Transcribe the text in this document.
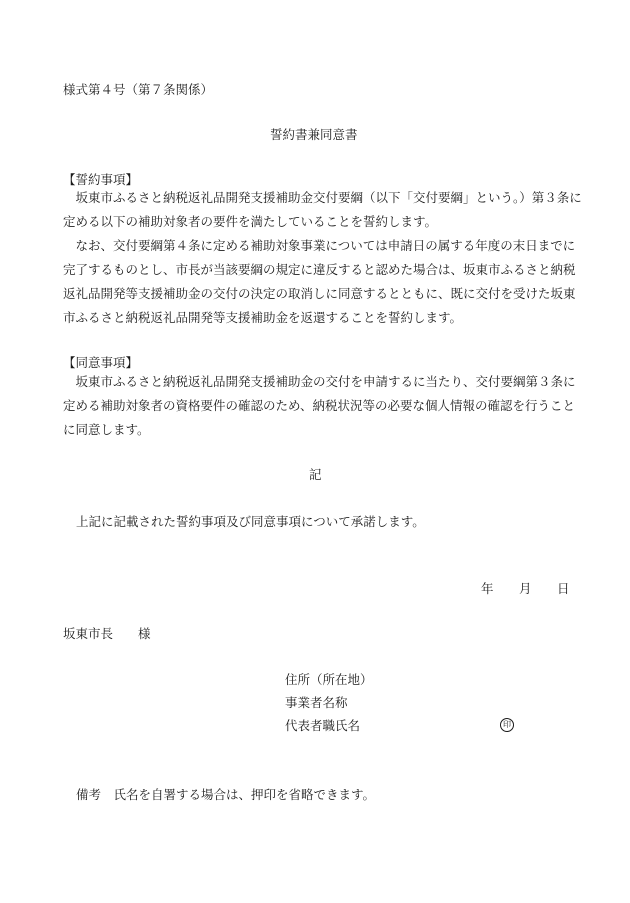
様式第４号（第７条関係）
誓約書兼同意書
【誓約事項】

坂東市ふるさと納税返礼品開発支援補助金交付要綱（以下「交付要綱」という。）第３条に定める以下の補助対象者の要件を満たしていることを誓約します。

なお、交付要綱第４条に定める補助対象事業については申請日の属する年度の末日までに完了するものとし、市長が当該要綱の規定に違反すると認めた場合は、坂東市ふるさと納税返礼品開発等支援補助金の交付の決定の取消しに同意するとともに、既に交付を受けた坂東市ふるさと納税返礼品開発等支援補助金を返還することを誓約します。

【同意事項】

坂東市ふるさと納税返礼品開発支援補助金の交付を申請するに当たり、交付要綱第３条に定める補助対象者の資格要件の確認のため、納税状況等の必要な個人情報の確認を行うことに同意します。

記
上記に記載された誓約事項及び同意事項について承諾します。
年 月 日
坂東市長　　様
住所（所在地）
事業者名称
代表者職氏名	印
備考　氏名を自署する場合は、押印を省略できます。
